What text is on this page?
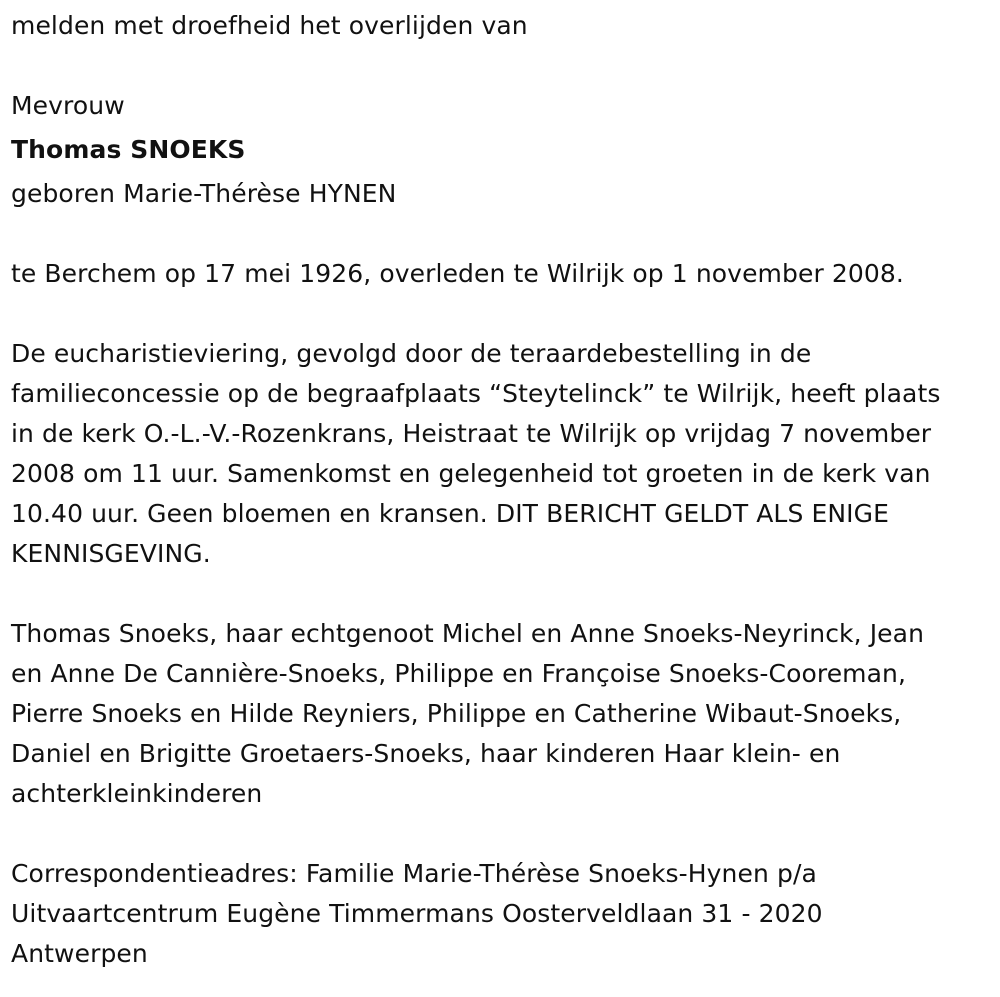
melden met droefheid het overlijden van
Mevrouw
Thomas SNOEKS
geboren Marie-Thérèse HYNEN
te Berchem op 17 mei 1926, overleden te Wilrijk op 1 november 2008.
De eucharistieviering, gevolgd door de teraardebestelling in de
familieconcessie op de begraafplaats “Steytelinck” te Wilrijk, heeft plaats
in de kerk O.-L.-V.-Rozenkrans, Heistraat te Wilrijk op vrijdag 7 november
2008 om 11 uur. Samenkomst en gelegenheid tot groeten in de kerk van
10.40 uur. Geen bloemen en kransen. DIT BERICHT GELDT ALS ENIGE
KENNISGEVING.
Thomas Snoeks, haar echtgenoot Michel en Anne Snoeks-Neyrinck, Jean
en Anne De Cannière-Snoeks, Philippe en Françoise Snoeks-Cooreman,
Pierre Snoeks en Hilde Reyniers, Philippe en Catherine Wibaut-Snoeks,
Daniel en Brigitte Groetaers-Snoeks, haar kinderen Haar klein- en
achterkleinkinderen
Correspondentieadres: Familie Marie-Thérèse Snoeks-Hynen p/a
Uitvaartcentrum Eugène Timmermans Oosterveldlaan 31 - 2020
Antwerpen
